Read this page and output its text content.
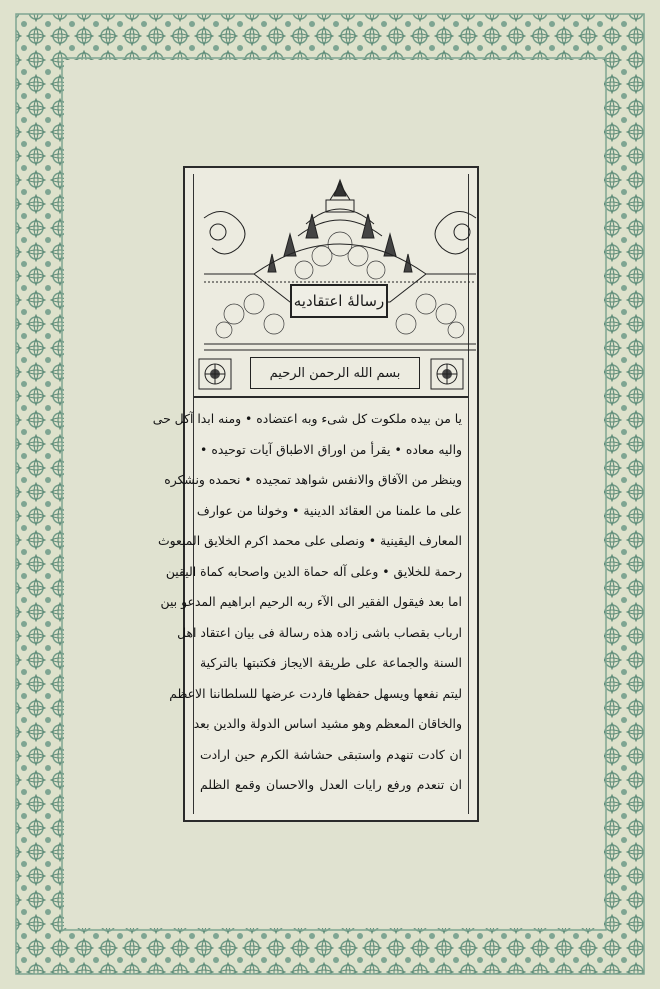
رسالهٔ اعتقادیه
بسم الله الرحمن الرحيم
یا من بیده ملکوت کل شیء وبه اعتضاده • ومنه ابدا آکل حی
والیه معاده • یقرأ من اوراق الاطباق آیات توحیده •
وینظر من الآفاق والانفس شواهد تمجیده • نحمده ونشکره
علی ما علمنا من العقائد الدینیة • وخولنا من عوارف
المعارف الیقینیة • ونصلی علی محمد اکرم الخلایق المبعوث
رحمة للخلایق • وعلی آله حماة الدین واصحابه کماة الیقین
اما بعد فیقول الفقیر الی الآء ربه الرحیم ابراهیم المدعو بین
ارباب بقصاب باشی زاده هذه رسالة فی بیان اعتقاد اهل
السنة والجماعة علی طریقة الایجاز فکتبتها بالترکیة
لیتم نفعها ویسهل حفظها فاردت عرضها للسلطاننا الاعظم
والخاقان المعظم وهو مشید اساس الدولة والدین بعد
ان کادت تنهدم واستبقی حشاشة الکرم حین ارادت
ان تنعدم ورفع رایات العدل والاحسان وقمع الظلم
